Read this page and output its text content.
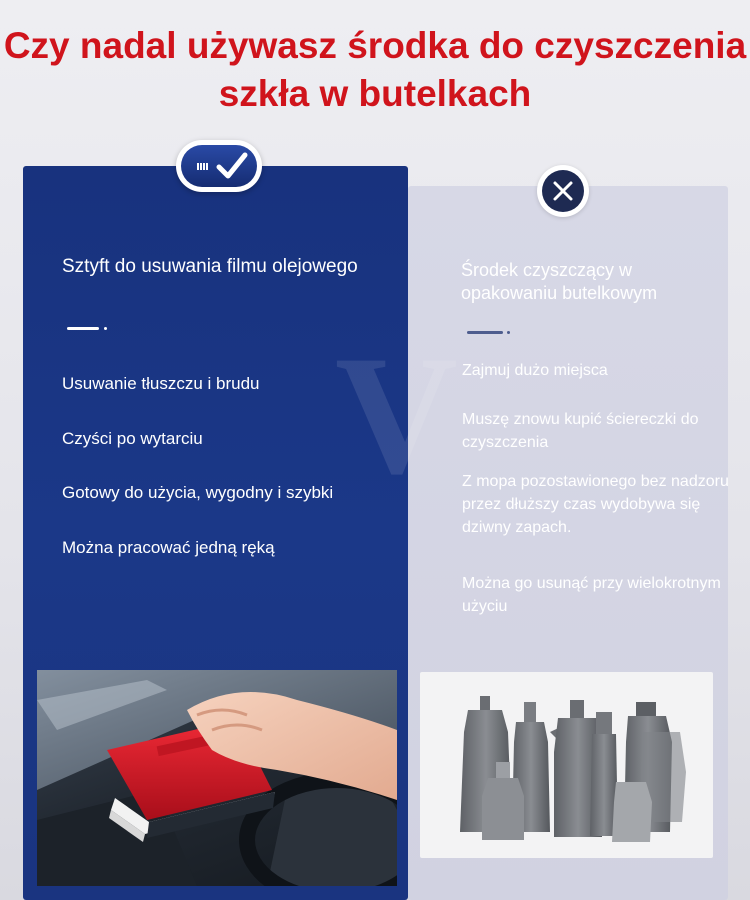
Czy nadal używasz środka do czyszczenia szkła w butelkach
V
Sztyft do usuwania filmu olejowego
Usuwanie tłuszczu i brudu
Czyści po wytarciu
Gotowy do użycia, wygodny i szybki
Można pracować jedną ręką
Środek czyszczący w opakowaniu butelkowym
Zajmuj dużo miejsca
Muszę znowu kupić ściereczki do czyszczenia
Z mopa pozostawionego bez nadzoru przez dłuższy czas wydobywa się dziwny zapach.
Można go usunąć przy wielokrotnym użyciu
